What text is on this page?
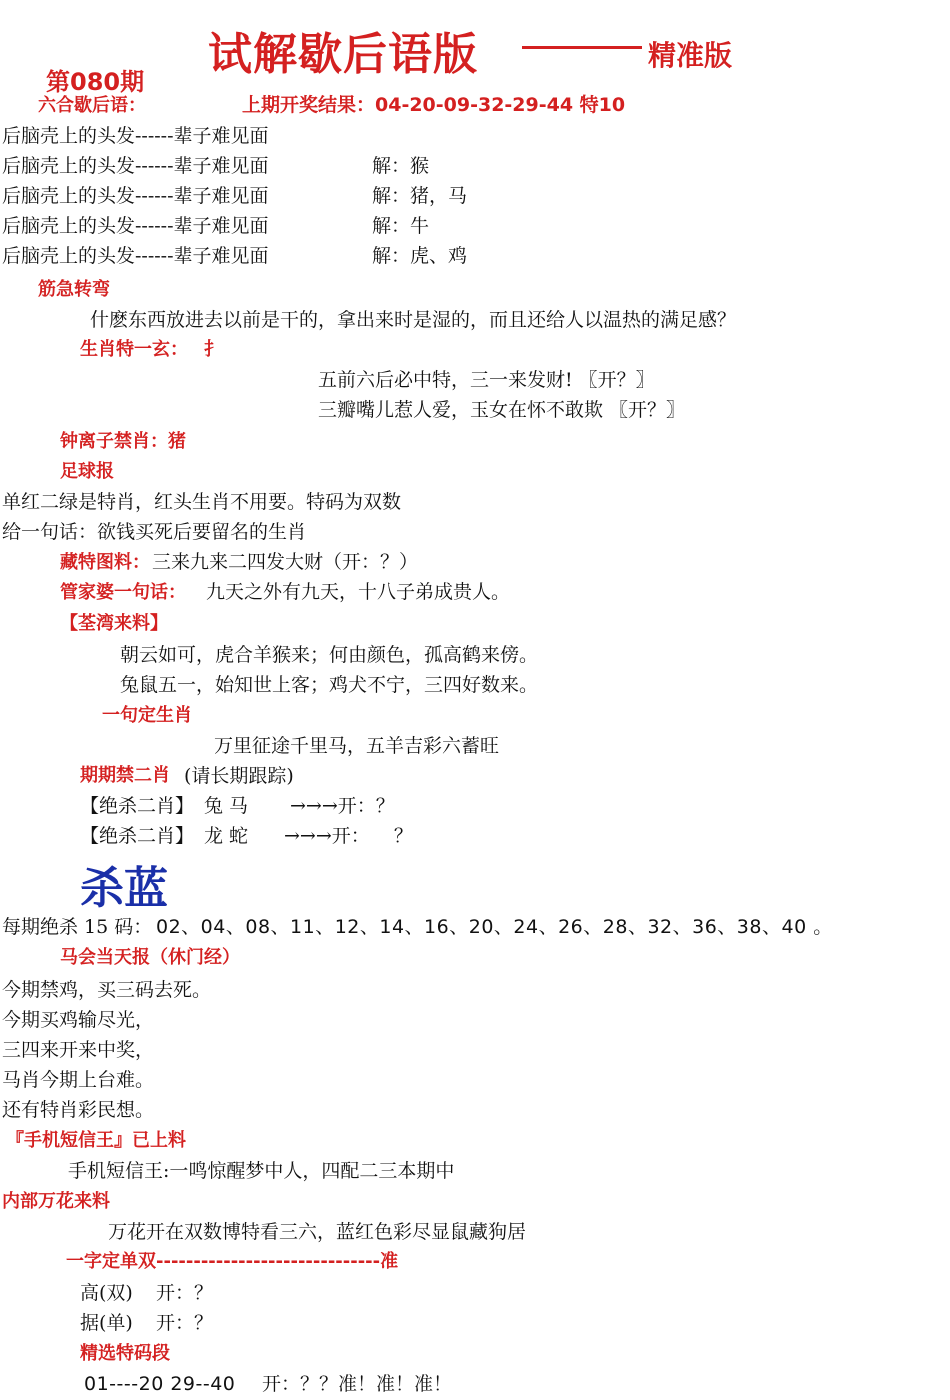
试解歇后语版	精准版
第080期
上期开奖结果：04-20-09-32-29-44 特10
六合歇后语：
后脑壳上的头发------辈子难见面
后脑壳上的头发------辈子难见面	解：猴
后脑壳上的头发------辈子难见面	解：猪，马
后脑壳上的头发------辈子难见面	解：牛
后脑壳上的头发------辈子难见面	解：虎、鸡
筋急转弯
什麽东西放进去以前是干的，拿出来时是湿的，而且还给人以温热的满足感？
生肖特一玄： 扌
五前六后必中特，三一来发财! 〖开？〗
三瓣嘴儿惹人爱，玉女在怀不敢欺 〖开？〗
钟离子禁肖：猪
足球报
单红二绿是特肖，红头生肖不用要。特码为双数
给一句话：欲钱买死后要留名的生肖
藏特图料： 三来九来二四发大财（开：？）
管家婆一句话： 九天之外有九天，十八子弟成贵人。
【荃湾来料】
朝云如可，虎合羊猴来；何由颜色，孤高鹤来傍。
兔鼠五一，始知世上客；鸡犬不宁，三四好数来。
一句定生肖
万里征途千里马，五羊吉彩六蓄旺
期期禁二肖 (请长期跟踪)
【绝杀二肖】 兔 马 →→→开：？
【绝杀二肖】 龙 蛇 →→→开：    ？
杀蓝
每期绝杀 15 码： 02、04、08、11、12、14、16、20、24、26、28、32、36、38、40 。
马会当天报（休门经）
今期禁鸡，买三码去死。
今期买鸡输尽光，
三四来开来中奖，
马肖今期上台难。
还有特肖彩民想。
『手机短信王』已上料
手机短信王:一鸣惊醒梦中人，四配二三本期中
内部万花来料
万花开在双数博特看三六，蓝红色彩尽显鼠藏狗居
一字定单双------------------------------准
高(双) 开：？
据(单) 开：？
精选特码段
01----20 29--40 开：？？准！准！准！
